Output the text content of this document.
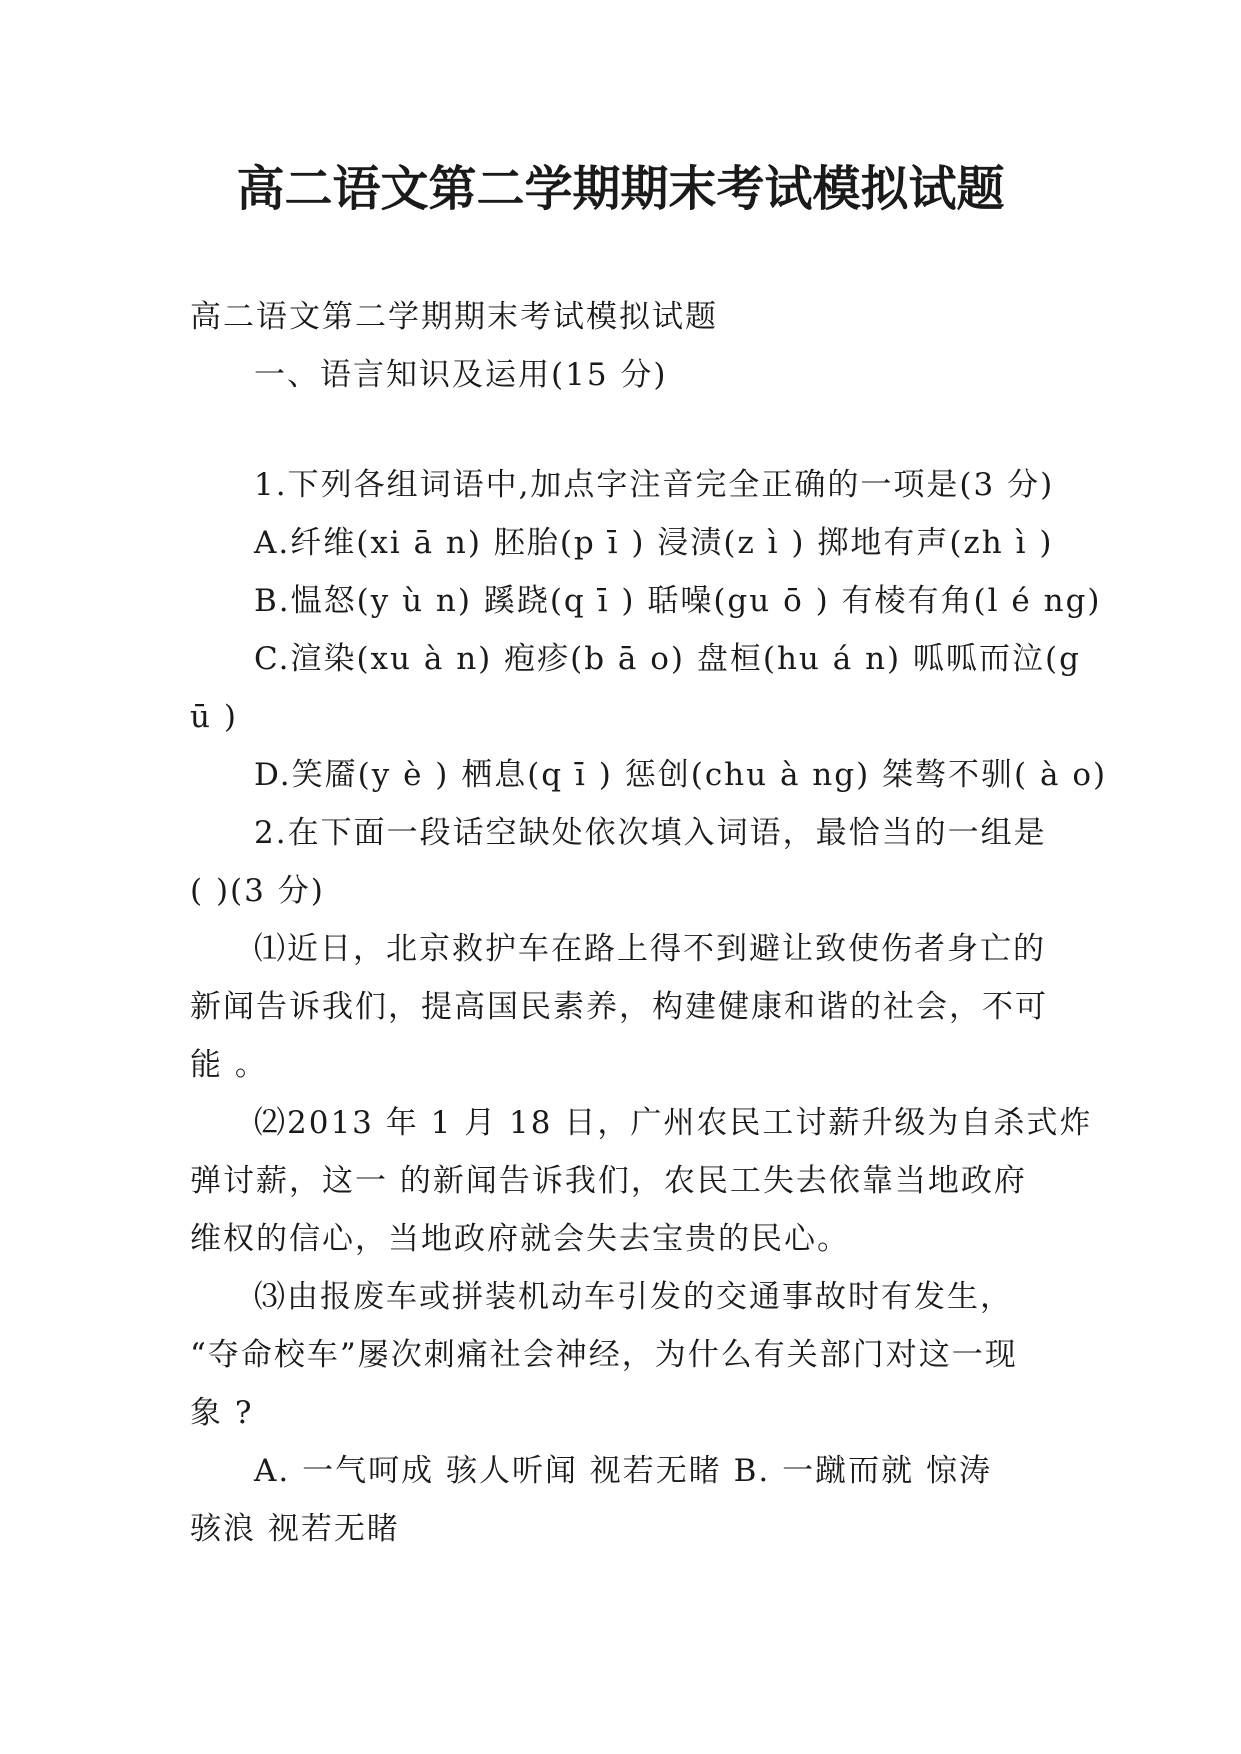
高二语文第二学期期末考试模拟试题
高二语文第二学期期末考试模拟试题
一、语言知识及运用(15 分)
1.下列各组词语中,加点字注音完全正确的一项是(3 分)
A.纤维(xi ā n) 胚胎(p ī ) 浸渍(z ì ) 掷地有声(zh ì )
B.愠怒(y ù n) 蹊跷(q ī ) 聒噪(gu ō ) 有棱有角(l é ng)
C.渲染(xu à n) 疱疹(b ā o) 盘桓(hu á n) 呱呱而泣(g
ū )
D.笑靥(y è ) 栖息(q ī ) 惩创(chu à ng) 桀骜不驯( à o)
2.在下面一段话空缺处依次填入词语，最恰当的一组是
( )(3 分)
⑴近日，北京救护车在路上得不到避让致使伤者身亡的
新闻告诉我们，提高国民素养，构建健康和谐的社会，不可
能 。
⑵2013 年 1 月 18 日，广州农民工讨薪升级为自杀式炸
弹讨薪，这一 的新闻告诉我们，农民工失去依靠当地政府
维权的信心，当地政府就会失去宝贵的民心。
⑶由报废车或拼装机动车引发的交通事故时有发生，
“夺命校车”屡次刺痛社会神经，为什么有关部门对这一现
象 ?
A. 一气呵成 骇人听闻 视若无睹 B. 一蹴而就 惊涛
骇浪 视若无睹
